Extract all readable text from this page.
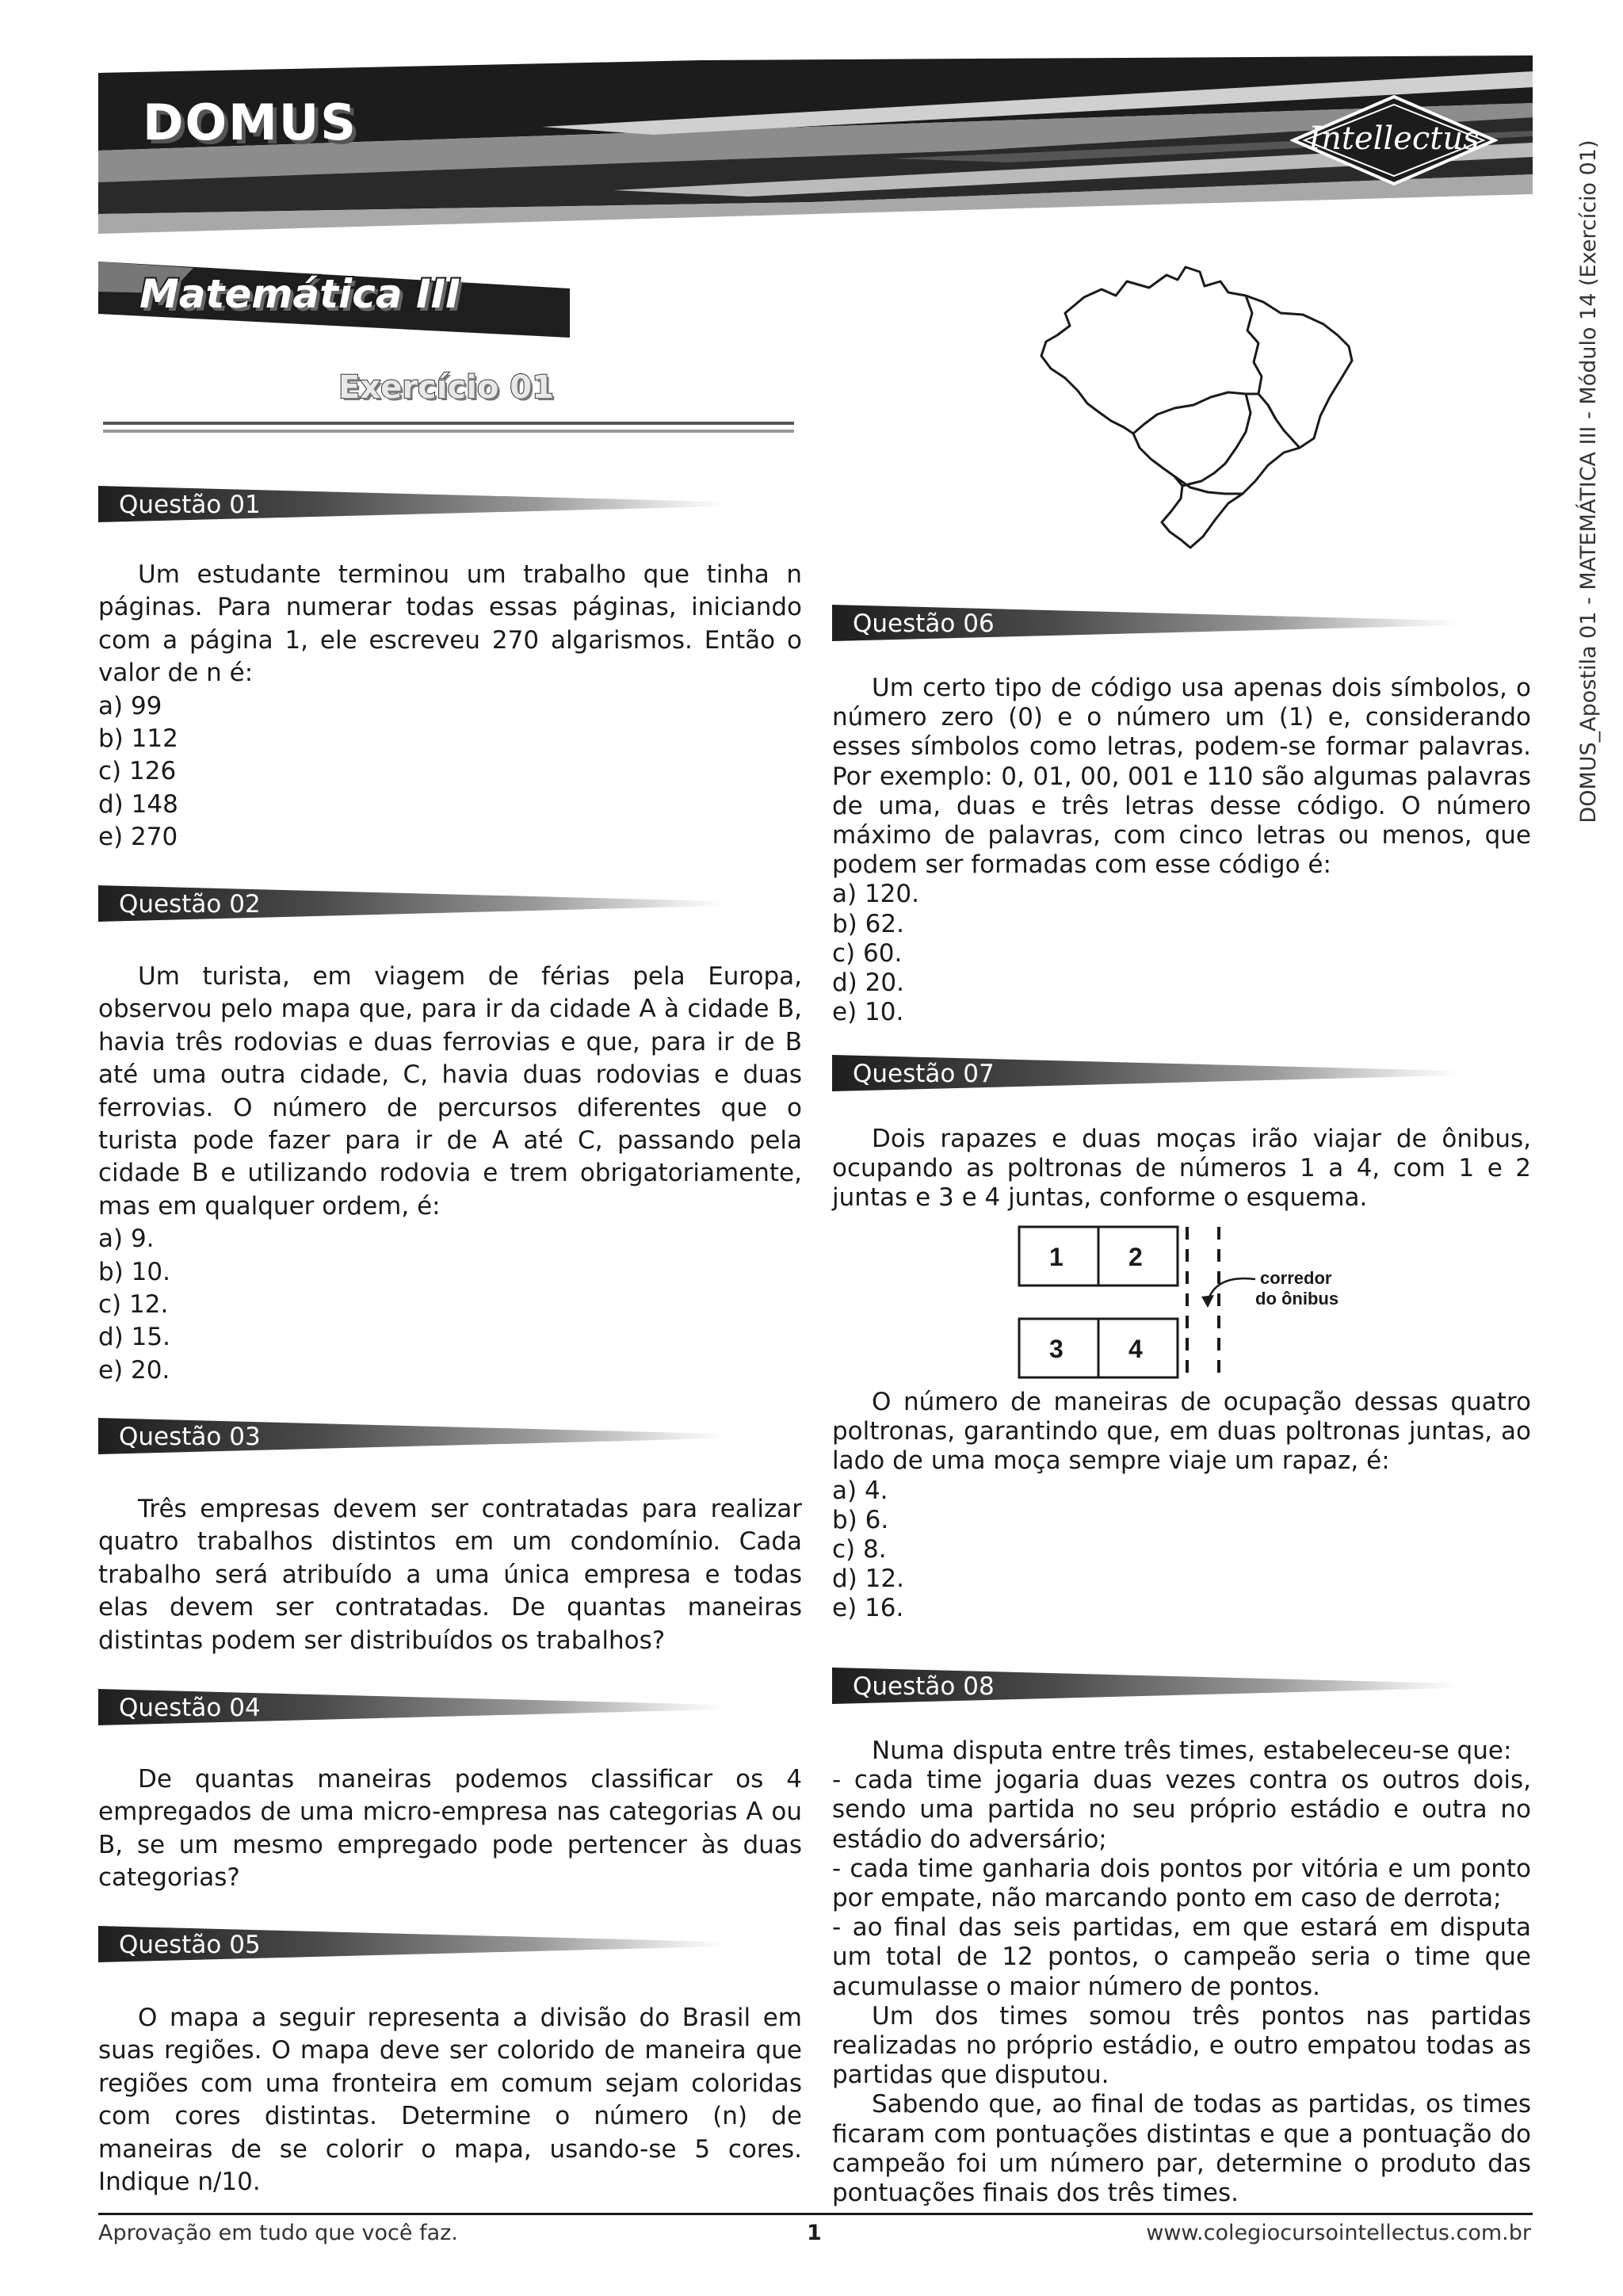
DOMUS	Intellectus
DOMUS_Apostila 01 - MATEMÁTICA III - Módulo 14 (Exercício 01)
Matemática III
Exercício 01
Questão 01

Um estudante terminou um trabalho que tinha n páginas. Para numerar todas essas páginas, iniciando com a página 1, ele escreveu 270 algarismos. Então o valor de n é:

a) 99
b) 112
c) 126
d) 148
e) 270
Questão 02

Um turista, em viagem de férias pela Europa, observou pelo mapa que, para ir da cidade A à cidade B, havia três rodovias e duas ferrovias e que, para ir de B até uma outra cidade, C, havia duas rodovias e duas ferrovias. O número de percursos diferentes que o turista pode fazer para ir de A até C, passando pela cidade B e utilizando rodovia e trem obrigatoriamente, mas em qualquer ordem, é:

a) 9.
b) 10.
c) 12.
d) 15.
e) 20.
Questão 03

Três empresas devem ser contratadas para realizar quatro trabalhos distintos em um condomínio. Cada trabalho será atribuído a uma única empresa e todas elas devem ser contratadas. De quantas maneiras distintas podem ser distribuídos os trabalhos?

Questão 04

De quantas maneiras podemos classificar os 4 empregados de uma micro-empresa nas categorias A ou B, se um mesmo empregado pode pertencer às duas categorias?

Questão 05

O mapa a seguir representa a divisão do Brasil em suas regiões. O mapa deve ser colorido de maneira que regiões com uma fronteira em comum sejam coloridas com cores distintas. Determine o número (n) de maneiras de se colorir o mapa, usando-se 5 cores. Indique n/10.

Questão 06

Um certo tipo de código usa apenas dois símbolos, o número zero (0) e o número um (1) e, considerando esses símbolos como letras, podem-se formar palavras. Por exemplo: 0, 01, 00, 001 e 110 são algumas palavras de uma, duas e três letras desse código. O número máximo de palavras, com cinco letras ou menos, que podem ser formadas com esse código é:

a) 120.
b) 62.
c) 60.
d) 20.
e) 10.
Questão 07

Dois rapazes e duas moças irão viajar de ônibus, ocupando as poltronas de números 1 a 4, com 1 e 2 juntas e 3 e 4 juntas, conforme o esquema.

1	2
3	4
corredor
do ônibus

O número de maneiras de ocupação dessas quatro poltronas, garantindo que, em duas poltronas juntas, ao lado de uma moça sempre viaje um rapaz, é:

a) 4.
b) 6.
c) 8.
d) 12.
e) 16.
Questão 08

Numa disputa entre três times, estabeleceu-se que:

- cada time jogaria duas vezes contra os outros dois, sendo uma partida no seu próprio estádio e outra no estádio do adversário;
- cada time ganharia dois pontos por vitória e um ponto por empate, não marcando ponto em caso de derrota;
- ao final das seis partidas, em que estará em disputa um total de 12 pontos, o campeão seria o time que acumulasse o maior número de pontos.

Um dos times somou três pontos nas partidas realizadas no próprio estádio, e outro empatou todas as partidas que disputou.

Sabendo que, ao final de todas as partidas, os times ficaram com pontuações distintas e que a pontuação do campeão foi um número par, determine o produto das pontuações finais dos três times.

Aprovação em tudo que você faz.	1	www.colegiocursointellectus.com.br
